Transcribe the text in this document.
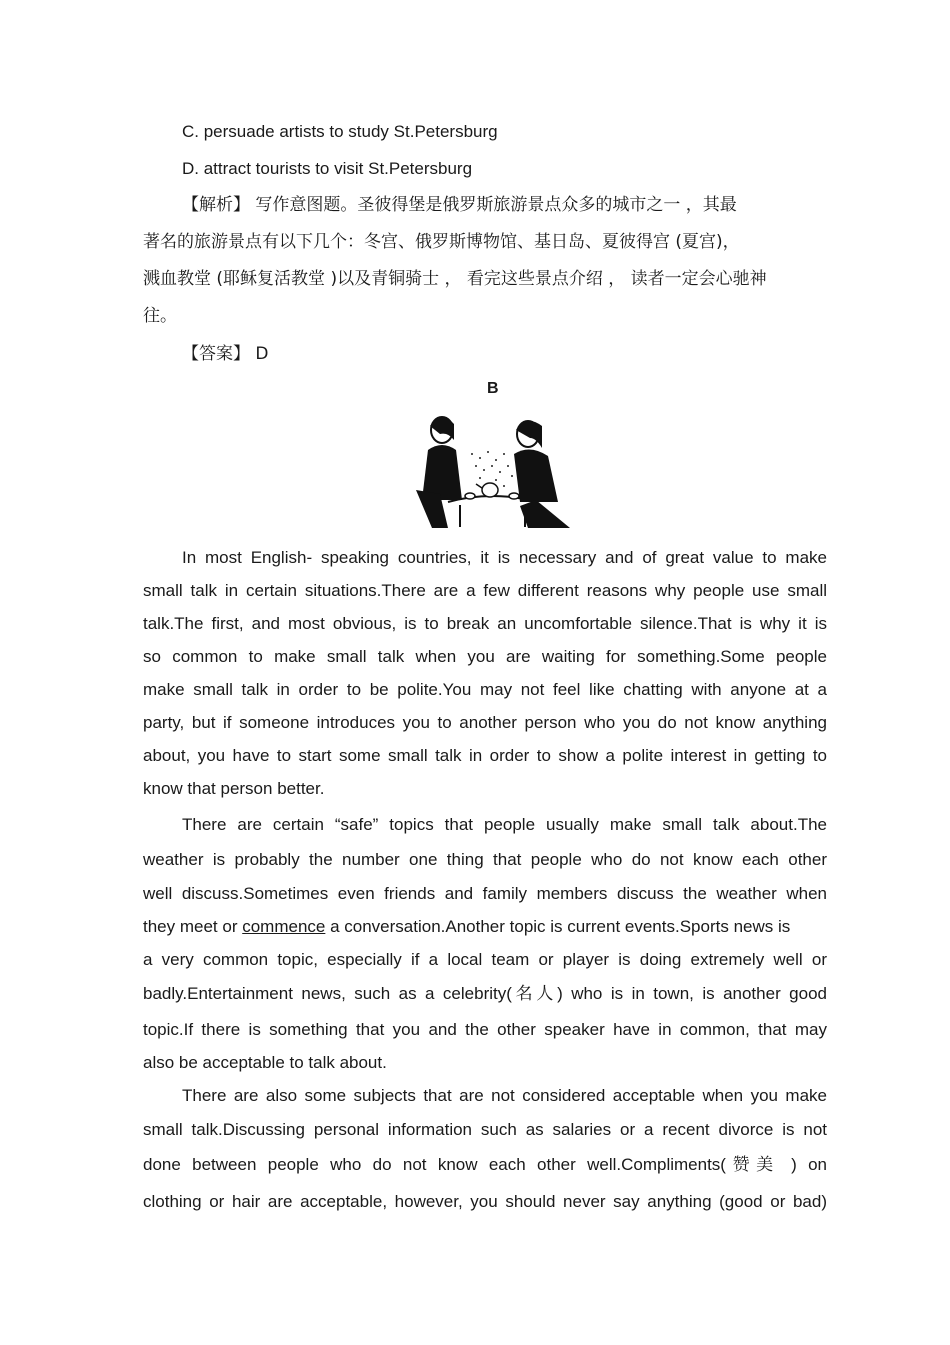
C. persuade artists to study St.Petersburg
D. attract tourists to visit St.Petersburg
【解析】 写作意图题。圣彼得堡是俄罗斯旅游景点众多的城市之一 ，其最
著名的旅游景点有以下几个：冬宫、俄罗斯博物馆、基日岛、夏彼得宫 (夏宫)，
溅血教堂 (耶稣复活教堂 )以及青铜骑士 ， 看完这些景点介绍 ， 读者一定会心驰神
往。
【答案】 D
B
In most English- speaking countries, it is necessary and of great value to make
small talk in certain situations.There are a few different reasons why people use small
talk.The first, and most obvious, is to break an uncomfortable silence.That is why it is
so common to make small talk when you are waiting for something.Some people
make small talk in order to be polite.You may not feel like chatting with anyone at a
party, but if someone introduces you to another person who you do not know anything
about, you have to start some small talk in order to show a polite interest in getting to
know that person better.
There are certain “safe” topics that people usually make small talk about.The
weather is probably the number one thing that people who do not know each other
well discuss.Sometimes even friends and family members discuss the weather when
they meet or commence a conversation.Another topic is current events.Sports news is
a very common topic, especially if a local team or player is doing extremely well or
badly.Entertainment news, such as a celebrity(名人) who is in town, is another good
topic.If there is something that you and the other speaker have in common, that may
also be acceptable to talk about.
There are also some subjects that are not considered acceptable when you make
small talk.Discussing personal information such as salaries or a recent divorce is not
done between people who do not know each other well.Compliments(赞美 ) on
clothing or hair are acceptable, however, you should never say anything (good or bad)
